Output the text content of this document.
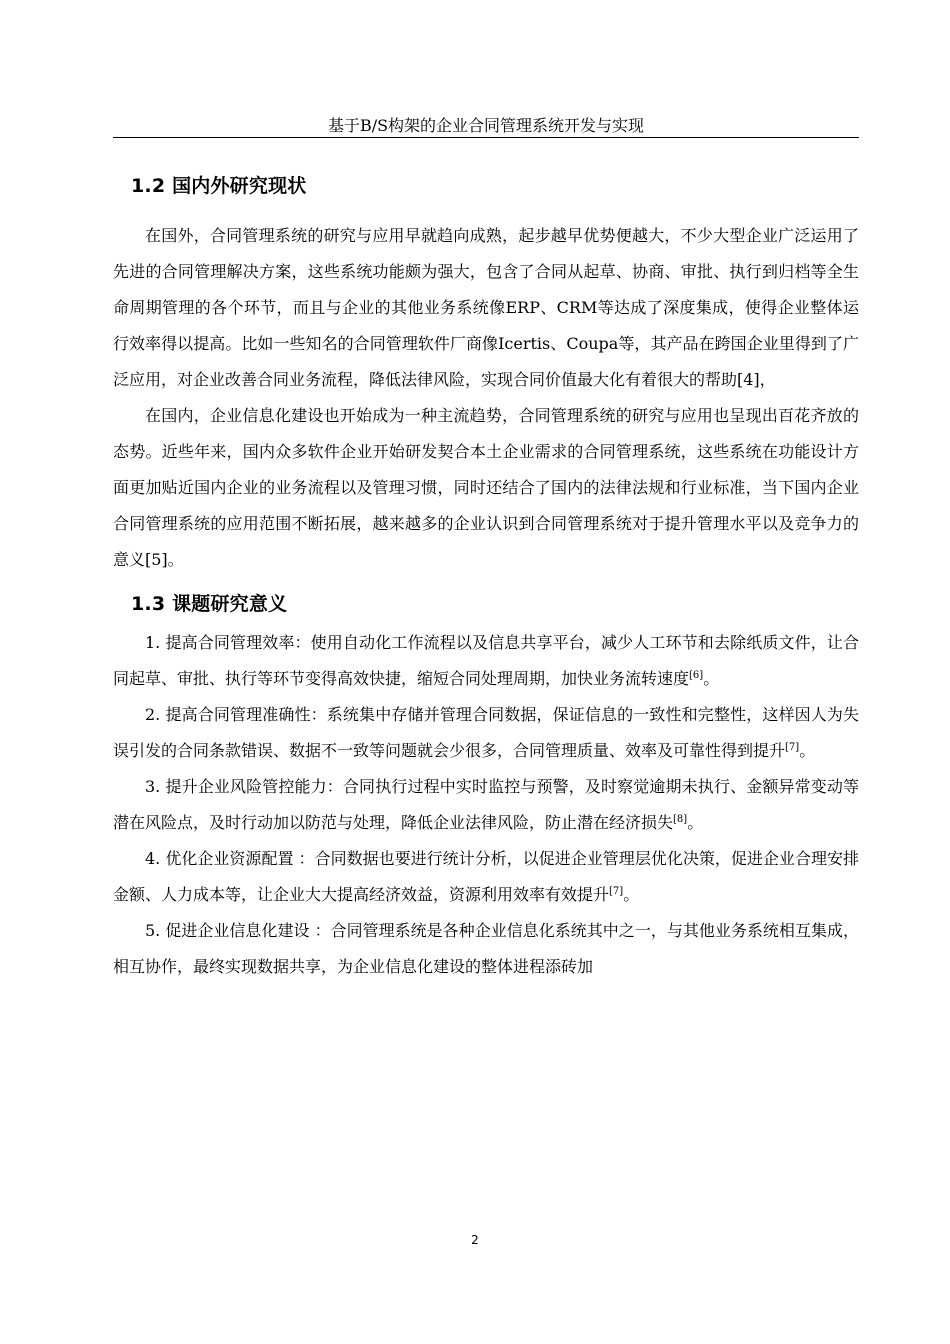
基于B/S构架的企业合同管理系统开发与实现
1.2 国内外研究现状

在国外，合同管理系统的研究与应用早就趋向成熟，起步越早优势便越大，不少大型企业广泛运用了先进的合同管理解决方案，这些系统功能颇为强大，包含了合同从起草、协商、审批、执行到归档等全生命周期管理的各个环节，而且与企业的其他业务系统像ERP、CRM等达成了深度集成，使得企业整体运行效率得以提高。比如一些知名的合同管理软件厂商像Icertis、Coupa等，其产品在跨国企业里得到了广泛应用，对企业改善合同业务流程，降低法律风险，实现合同价值最大化有着很大的帮助[4]，

在国内，企业信息化建设也开始成为一种主流趋势，合同管理系统的研究与应用也呈现出百花齐放的态势。近些年来，国内众多软件企业开始研发契合本土企业需求的合同管理系统，这些系统在功能设计方面更加贴近国内企业的业务流程以及管理习惯，同时还结合了国内的法律法规和行业标准，当下国内企业合同管理系统的应用范围不断拓展，越来越多的企业认识到合同管理系统对于提升管理水平以及竞争力的意义[5]。

1.3 课题研究意义

1. 提高合同管理效率：使用自动化工作流程以及信息共享平台，减少人工环节和去除纸质文件，让合同起草、审批、执行等环节变得高效快捷，缩短合同处理周期，加快业务流转速度[6]。

2. 提高合同管理准确性：系统集中存储并管理合同数据，保证信息的一致性和完整性，这样因人为失误引发的合同条款错误、数据不一致等问题就会少很多，合同管理质量、效率及可靠性得到提升[7]。

3. 提升企业风险管控能力：合同执行过程中实时监控与预警，及时察觉逾期未执行、金额异常变动等潜在风险点，及时行动加以防范与处理，降低企业法律风险，防止潜在经济损失[8]。

4. 优化企业资源配置 ：合同数据也要进行统计分析，以促进企业管理层优化决策，促进企业合理安排金额、人力成本等，让企业大大提高经济效益，资源利用效率有效提升[7]。

5. 促进企业信息化建设 ：合同管理系统是各种企业信息化系统其中之一，与其他业务系统相互集成，相互协作，最终实现数据共享，为企业信息化建设的整体进程添砖加

2
